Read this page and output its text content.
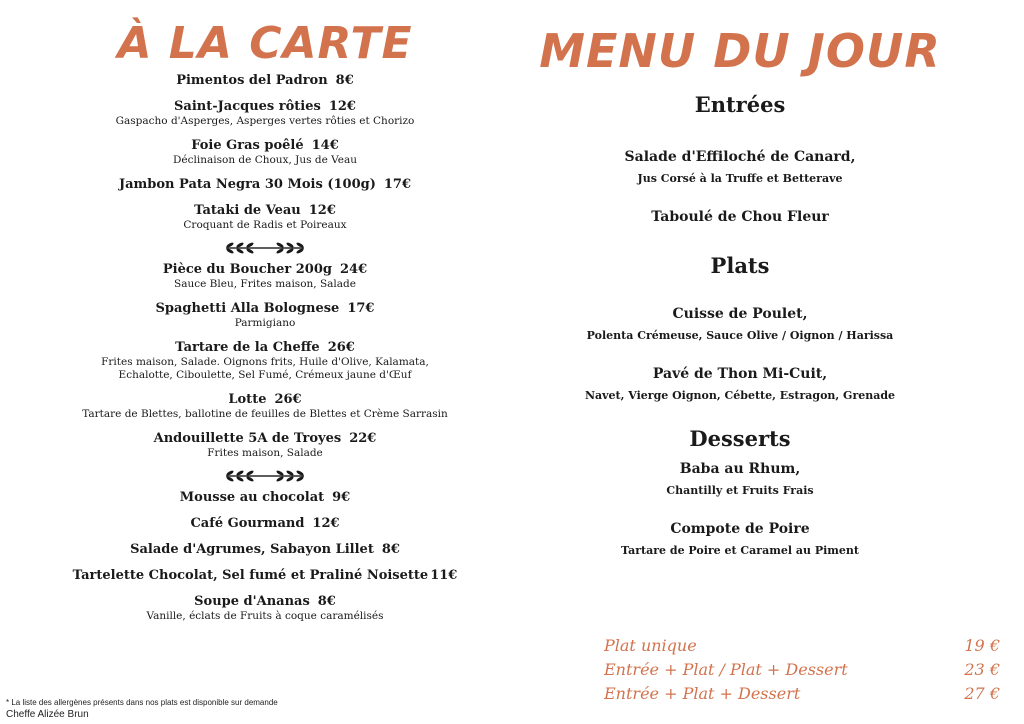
À LA CARTE	MENU DU JOUR
Pimentos del Padron 8€
Saint-Jacques rôties 12€
Gaspacho d'Asperges, Asperges vertes rôties et Chorizo
Foie Gras poêlé 14€
Déclinaison de Choux, Jus de Veau
Jambon Pata Negra 30 Mois (100g) 17€
Tataki de Veau 12€
Croquant de Radis et Poireaux
Pièce du Boucher 200g 24€
Sauce Bleu, Frites maison, Salade
Spaghetti Alla Bolognese 17€
Parmigiano
Tartare de la Cheffe 26€
Frites maison, Salade. Oignons frits, Huile d'Olive, Kalamata,
Echalotte, Ciboulette, Sel Fumé, Crémeux jaune d'Œuf
Lotte 26€
Tartare de Blettes, ballotine de feuilles de Blettes et Crème Sarrasin
Andouillette 5A de Troyes 22€
Frites maison, Salade
Mousse au chocolat 9€
Café Gourmand 12€
Salade d'Agrumes, Sabayon Lillet 8€
Tartelette Chocolat, Sel fumé et Praliné Noisette 11€
Soupe d'Ananas 8€
Vanille, éclats de Fruits à coque caramélisés
Entrées
Salade d'Effiloché de Canard,
Jus Corsé à la Truffe et Betterave
Taboulé de Chou Fleur
Plats
Cuisse de Poulet,
Polenta Crémeuse, Sauce Olive / Oignon / Harissa
Pavé de Thon Mi-Cuit,
Navet, Vierge Oignon, Cébette, Estragon, Grenade
Desserts
Baba au Rhum,
Chantilly et Fruits Frais
Compote de Poire
Tartare de Poire et Caramel au Piment
Plat unique	19 €
Entrée + Plat / Plat + Dessert	23 €
Entrée + Plat + Dessert	27 €
* La liste des allergènes présents dans nos plats est disponible sur demande
Cheffe Alizée Brun
